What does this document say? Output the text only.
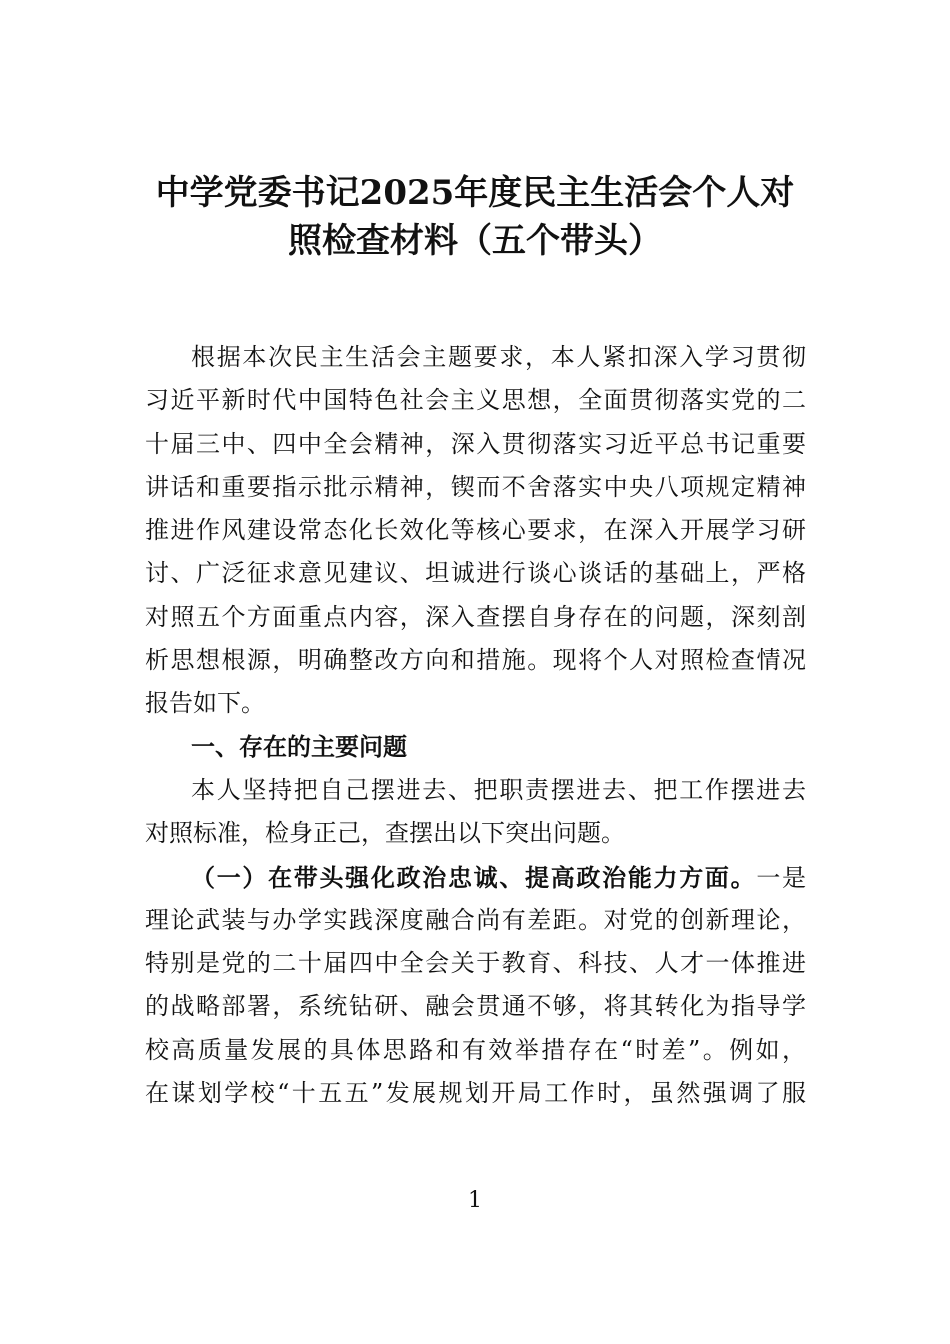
中学党委书记2025年度民主生活会个人对
照检查材料（五个带头）
根据本次民主生活会主题要求，本人紧扣深入学习贯彻
习近平新时代中国特色社会主义思想，全面贯彻落实党的二
十届三中、四中全会精神，深入贯彻落实习近平总书记重要
讲话和重要指示批示精神，锲而不舍落实中央八项规定精神
推进作风建设常态化长效化等核心要求，在深入开展学习研
讨、广泛征求意见建议、坦诚进行谈心谈话的基础上，严格
对照五个方面重点内容，深入查摆自身存在的问题，深刻剖
析思想根源，明确整改方向和措施。现将个人对照检查情况
报告如下。
一、存在的主要问题
本人坚持把自己摆进去、把职责摆进去、把工作摆进去
对照标准，检身正己，查摆出以下突出问题。
（一）在带头强化政治忠诚、提高政治能力方面。一是
理论武装与办学实践深度融合尚有差距。对党的创新理论，
特别是党的二十届四中全会关于教育、科技、人才一体推进
的战略部署，系统钻研、融会贯通不够，将其转化为指导学
校高质量发展的具体思路和有效举措存在“时差”。例如，
在谋划学校“十五五”发展规划开局工作时，虽然强调了服
1
